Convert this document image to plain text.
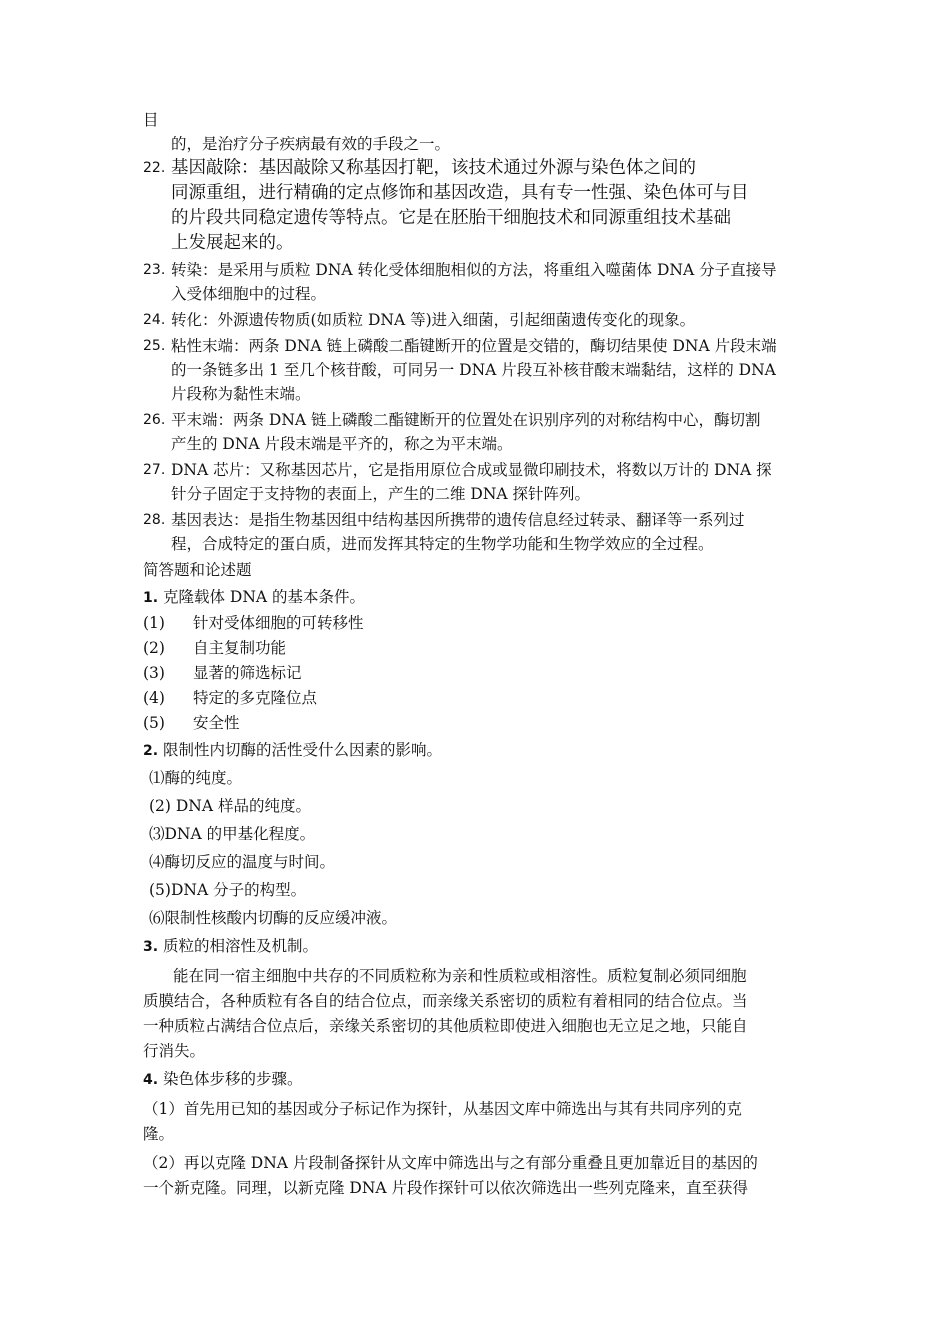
目
的，是治疗分子疾病最有效的手段之一。
22. 基因敲除：基因敲除又称基因打靶，该技术通过外源与染色体之间的
同源重组，进行精确的定点修饰和基因改造，具有专一性强、染色体可与目
的片段共同稳定遗传等特点。它是在胚胎干细胞技术和同源重组技术基础
上发展起来的。
23. 转染：是采用与质粒 DNA 转化受体细胞相似的方法，将重组入噬菌体 DNA 分子直接导
入受体细胞中的过程。
24. 转化：外源遗传物质(如质粒 DNA 等)进入细菌，引起细菌遗传变化的现象。
25. 粘性末端：两条 DNA 链上磷酸二酯键断开的位置是交错的，酶切结果使 DNA 片段末端
的一条链多出 1 至几个核苷酸，可同另一 DNA 片段互补核苷酸末端黏结，这样的 DNA
片段称为黏性末端。
26. 平末端：两条 DNA 链上磷酸二酯键断开的位置处在识别序列的对称结构中心，酶切割
产生的 DNA 片段末端是平齐的，称之为平末端。
27. DNA 芯片：又称基因芯片，它是指用原位合成或显微印刷技术，将数以万计的 DNA 探
针分子固定于支持物的表面上，产生的二维 DNA 探针阵列。
28. 基因表达：是指生物基因组中结构基因所携带的遗传信息经过转录、翻译等一系列过
程，合成特定的蛋白质，进而发挥其特定的生物学功能和生物学效应的全过程。
简答题和论述题
1. 克隆载体 DNA 的基本条件。
(1)	针对受体细胞的可转移性
(2)	自主复制功能
(3)	显著的筛选标记
(4)	特定的多克隆位点
(5)	安全性
2. 限制性内切酶的活性受什么因素的影响。
⑴酶的纯度。
(2) DNA 样品的纯度。
⑶DNA 的甲基化程度。
⑷酶切反应的温度与时间。
(5)DNA 分子的构型。
⑹限制性核酸内切酶的反应缓冲液。
3. 质粒的相溶性及机制。
能在同一宿主细胞中共存的不同质粒称为亲和性质粒或相溶性。质粒复制必须同细胞
质膜结合，各种质粒有各自的结合位点，而亲缘关系密切的质粒有着相同的结合位点。当
一种质粒占满结合位点后，亲缘关系密切的其他质粒即使进入细胞也无立足之地，只能自
行消失。
4. 染色体步移的步骤。
（1）首先用已知的基因或分子标记作为探针，从基因文库中筛选出与其有共同序列的克
隆。
（2）再以克隆 DNA 片段制备探针从文库中筛选出与之有部分重叠且更加靠近目的基因的
一个新克隆。同理，以新克隆 DNA 片段作探针可以依次筛选出一些列克隆来，直至获得
